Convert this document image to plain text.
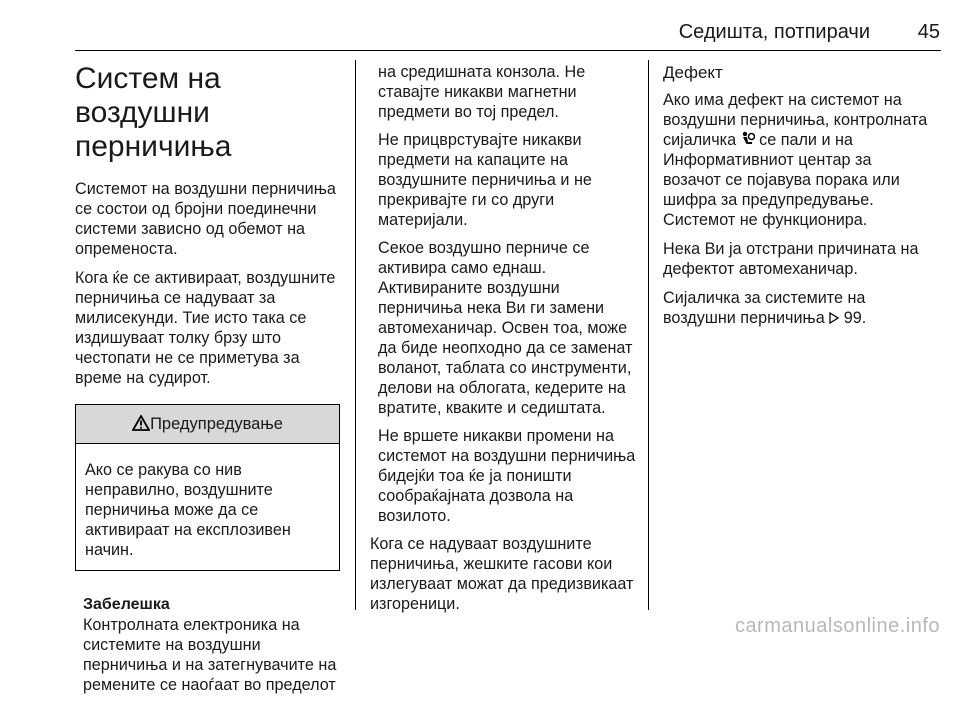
Седишта, потпирачи	45
Систем на воздушни
перничиња

Системот на воздушни перничиња се состои од бројни поединечни системи зависно од обемот на опременоста.

Кога ќе се активираат, воздушните перничиња се надуваат за милисекунди. Тие исто така се издишуваат толку брзу што честопати не се приметува за време на судирот.

Предупредување

Ако се ракува со нив неправилно, воздушните перничиња може да се активираат на експлозивен начин.

Забелешка

Контролната електроника на системите на воздушни перничиња и на затегнувачите на ремените се наоѓаат во пределот

на средишната конзола. Не ставајте никакви магнетни предмети во тој предел.

Не прицврстувајте никакви предмети на капаците на воздушните перничиња и не прекривајте ги со други материјали.

Секое воздушно перниче се активира само еднаш. Активираните воздушни перничиња нека Ви ги замени автомеханичар. Освен тоа, може да биде неопходно да се заменат воланот, таблата со инструменти, делови на облогата, кедерите на вратите, кваките и седиштата.

Не вршете никакви промени на системот на воздушни перничиња бидејќи тоа ќе ја поништи сообраќајната дозвола на возилото.

Кога се надуваат воздушните перничиња, жешките гасови кои излегуваат можат да предизвикаат изгореници.

Дефект

Ако има дефект на системот на воздушни перничиња, контролната сијаличка се пали и на Информативниот центар за возачот се појавува порака или шифра за предупредување. Системот не функционира.

Нека Ви ја отстрани причината на дефектот автомеханичар.

Сијаличка за системите на воздушни перничиња 99.

carmanualsonline.info
